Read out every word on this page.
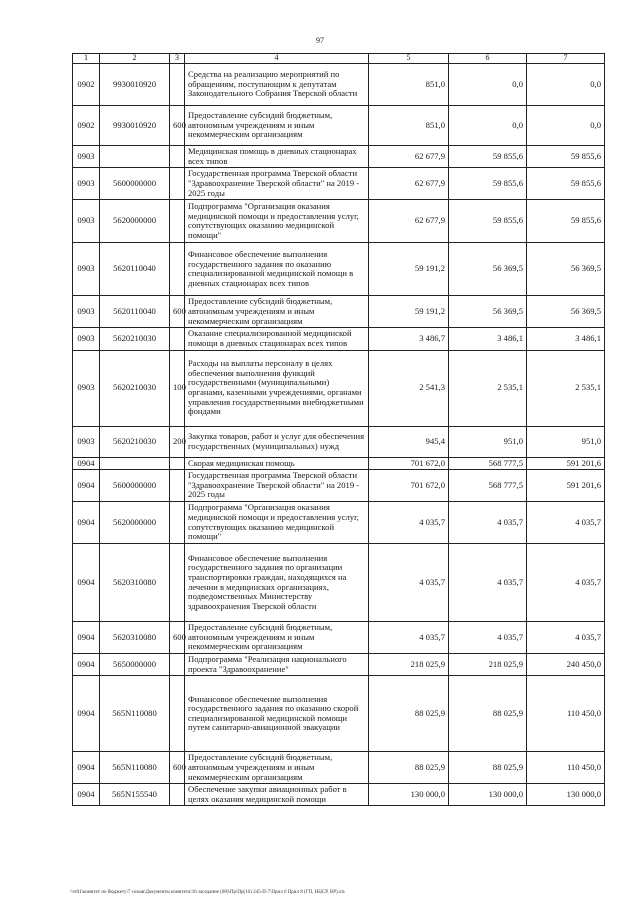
97
1	2	3	4	5	6	7
0902	9930010920		Средства на реализацию мероприятий по обращениям, поступающим к депутатам Законодательного Собрания Тверской области	851,0	0,0	0,0
0902	9930010920	600	Предоставление субсидий бюджетным, автономным учреждениям и иным некоммерческим организациям	851,0	0,0	0,0
0903			Медицинская помощь в дневных стационарах всех типов	62 677,9	59 855,6	59 855,6
0903	5600000000		Государственная программа Тверской области "Здравоохранение Тверской области" на 2019 - 2025 годы	62 677,9	59 855,6	59 855,6
0903	5620000000		Подпрограмма "Организация оказания медицинской помощи и предоставления услуг, сопутствующих оказанию медицинской помощи"	62 677,9	59 855,6	59 855,6
0903	5620110040		Финансовое обеспечение выполнения государственного задания по оказанию специализированной медицинской помощи в дневных стационарах всех типов	59 191,2	56 369,5	56 369,5
0903	5620110040	600	Предоставление субсидий бюджетным, автономным учреждениям и иным некоммерческим организациям	59 191,2	56 369,5	56 369,5
0903	5620210030		Оказание специализированной медицинской помощи в дневных стационарах всех типов	3 486,7	3 486,1	3 486,1
0903	5620210030	100	Расходы на выплаты персоналу в целях обеспечения выполнения функций государственными (муниципальными) органами, казенными учреждениями, органами управления государственными внебюджетными фондами	2 541,3	2 535,1	2 535,1
0903	5620210030	200	Закупка товаров, работ и услуг для обеспечения государственных (муниципальных) нужд	945,4	951,0	951,0
0904			Скорая медицинская помощь	701 672,0	568 777,5	591 201,6
0904	5600000000		Государственная программа Тверской области "Здравоохранение Тверской области" на 2019 - 2025 годы	701 672,0	568 777,5	591 201,6
0904	5620000000		Подпрограмма "Организация оказания медицинской помощи и предоставления услуг, сопутствующих оказанию медицинской помощи"	4 035,7	4 035,7	4 035,7
0904	5620310080		Финансовое обеспечение выполнения государственного задания по организации транспортировки граждан, находящихся на лечении в медицинских организациях, подведомственных Министерству здравоохранения Тверской области	4 035,7	4 035,7	4 035,7
0904	5620310080	600	Предоставление субсидий бюджетным, автономным учреждениям и иным некоммерческим организациям	4 035,7	4 035,7	4 035,7
0904	5650000000		Подпрограмма "Реализация национального проекта "Здравоохранение"	218 025,9	218 025,9	240 450,0
0904	565N110080		Финансовое обеспечение выполнения государственного задания по оказанию скорой специализированной медицинской помощи путем санитарно-авиационной эвакуации	88 025,9	88 025,9	110 450,0
0904	565N110080	600	Предоставление субсидий бюджетным, автономным учреждениям и иным некоммерческим организациям	88 025,9	88 025,9	110 450,0
0904	565N155540		Обеспечение закупки авиационных работ в целях оказания медицинской помощи	130 000,0	130 000,0	130 000,0
\\vt01\комитет по бюджету\7 созыв\Документы комитета\16 заседание (08)\Пр\Пр(16) 245-П-7\Прил 6 Прил 8 (ГП, НЦСР, ВР).xls
